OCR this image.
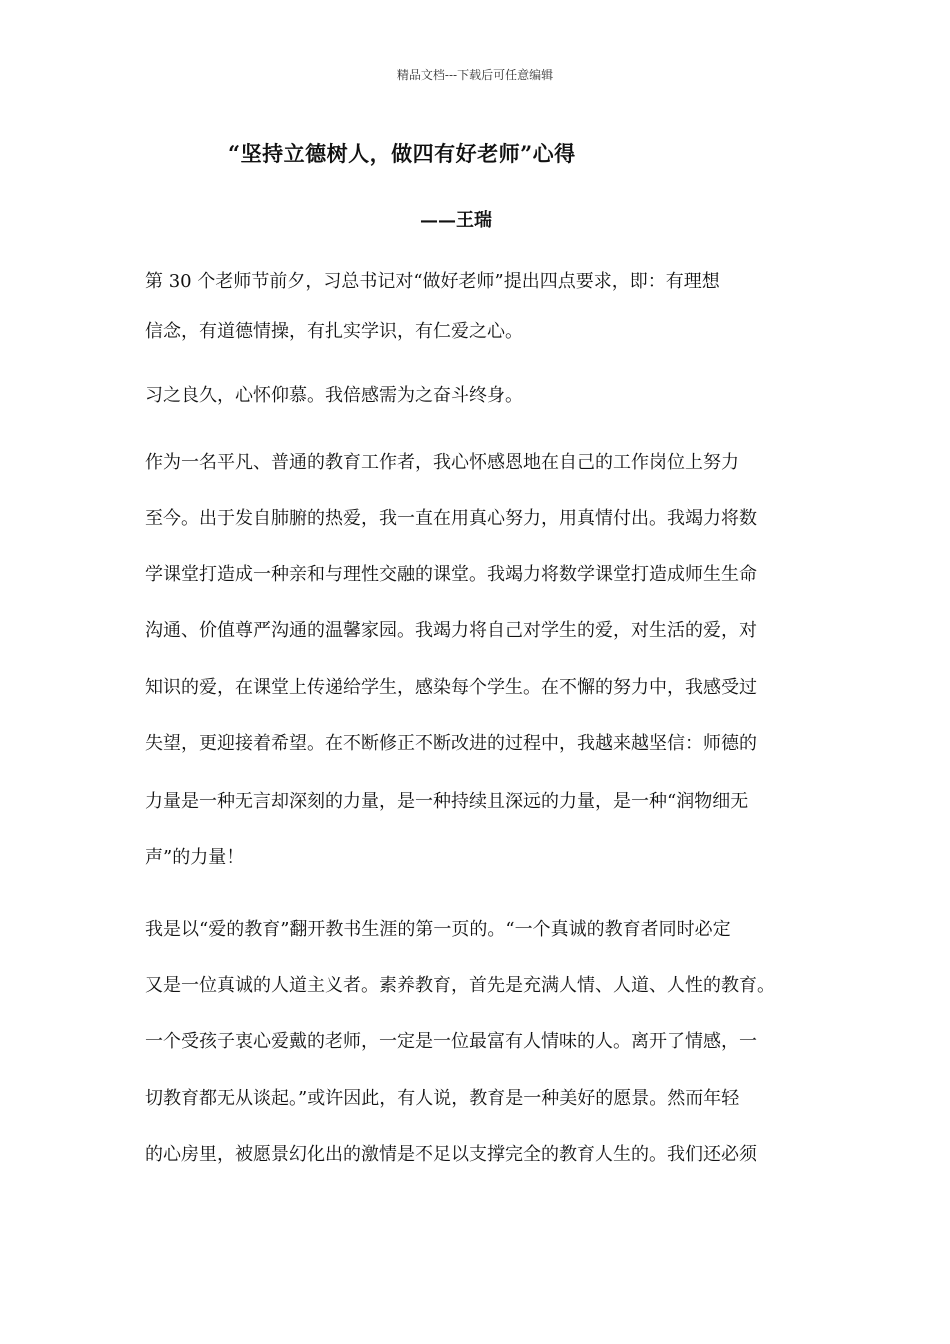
精品文档---下载后可任意编辑
“坚持立德树人，做四有好老师”心得
——王瑞
第 30 个老师节前夕，习总书记对“做好老师”提出四点要求，即：有理想
信念，有道德情操，有扎实学识，有仁爱之心。
习之良久，心怀仰慕。我倍感需为之奋斗终身。
作为一名平凡、普通的教育工作者，我心怀感恩地在自己的工作岗位上努力
至今。出于发自肺腑的热爱，我一直在用真心努力，用真情付出。我竭力将数
学课堂打造成一种亲和与理性交融的课堂。我竭力将数学课堂打造成师生生命
沟通、价值尊严沟通的温馨家园。我竭力将自己对学生的爱，对生活的爱，对
知识的爱，在课堂上传递给学生，感染每个学生。在不懈的努力中，我感受过
失望，更迎接着希望。在不断修正不断改进的过程中，我越来越坚信：师德的
力量是一种无言却深刻的力量，是一种持续且深远的力量，是一种“润物细无
声”的力量！
我是以“爱的教育”翻开教书生涯的第一页的。“一个真诚的教育者同时必定
又是一位真诚的人道主义者。素养教育，首先是充满人情、人道、人性的教育。
一个受孩子衷心爱戴的老师，一定是一位最富有人情味的人。离开了情感，一
切教育都无从谈起。”或许因此，有人说，教育是一种美好的愿景。然而年轻
的心房里，被愿景幻化出的激情是不足以支撑完全的教育人生的。我们还必须
